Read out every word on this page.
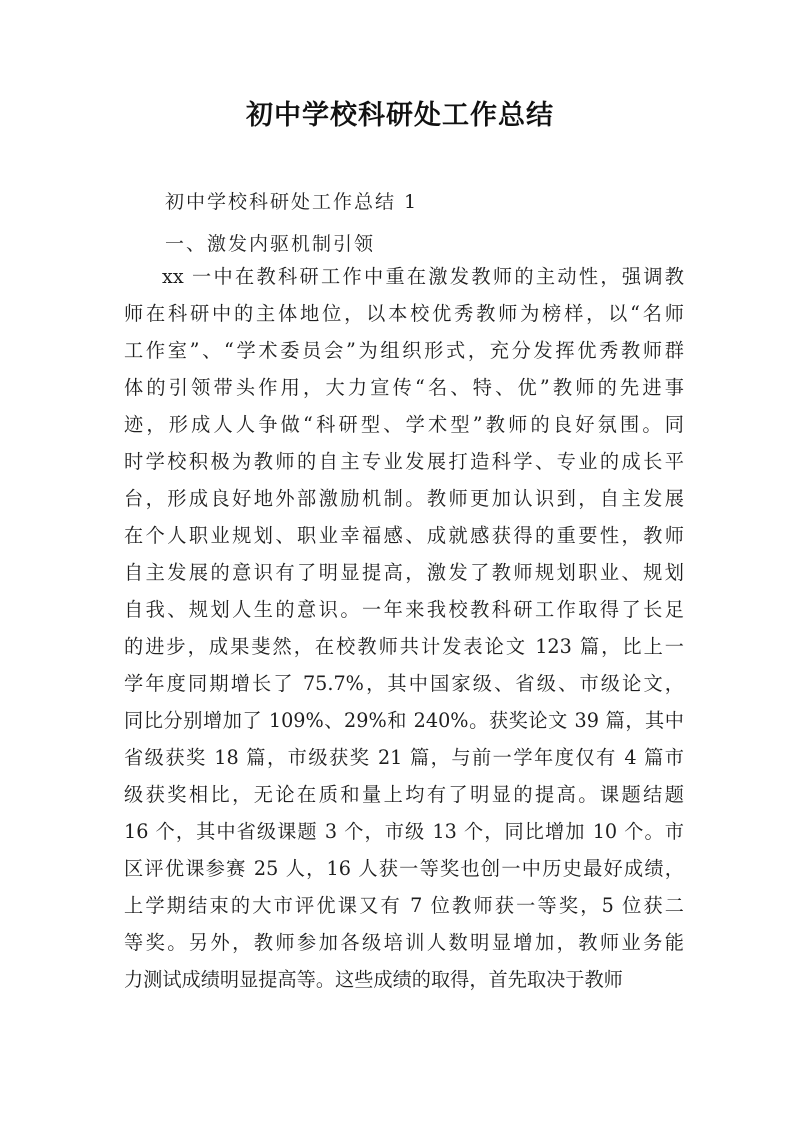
初中学校科研处工作总结
初中学校科研处工作总结 1
一、激发内驱机制引领
xx 一中在教科研工作中重在激发教师的主动性，强调教
师在科研中的主体地位，以本校优秀教师为榜样，以“名师
工作室”、“学术委员会”为组织形式，充分发挥优秀教师群
体的引领带头作用，大力宣传“名、特、优”教师的先进事
迹，形成人人争做“科研型、学术型”教师的良好氛围。同
时学校积极为教师的自主专业发展打造科学、专业的成长平
台，形成良好地外部激励机制。教师更加认识到，自主发展
在个人职业规划、职业幸福感、成就感获得的重要性，教师
自主发展的意识有了明显提高，激发了教师规划职业、规划
自我、规划人生的意识。一年来我校教科研工作取得了长足
的进步，成果斐然，在校教师共计发表论文 123 篇，比上一
学年度同期增长了 75.7%，其中国家级、省级、市级论文，
同比分别增加了 109%、29%和 240%。获奖论文 39 篇，其中
省级获奖 18 篇，市级获奖 21 篇，与前一学年度仅有 4 篇市
级获奖相比，无论在质和量上均有了明显的提高。课题结题
16 个，其中省级课题 3 个，市级 13 个，同比增加 10 个。市
区评优课参赛 25 人，16 人获一等奖也创一中历史最好成绩，
上学期结束的大市评优课又有 7 位教师获一等奖，5 位获二
等奖。另外，教师参加各级培训人数明显增加，教师业务能
力测试成绩明显提高等。这些成绩的取得，首先取决于教师
